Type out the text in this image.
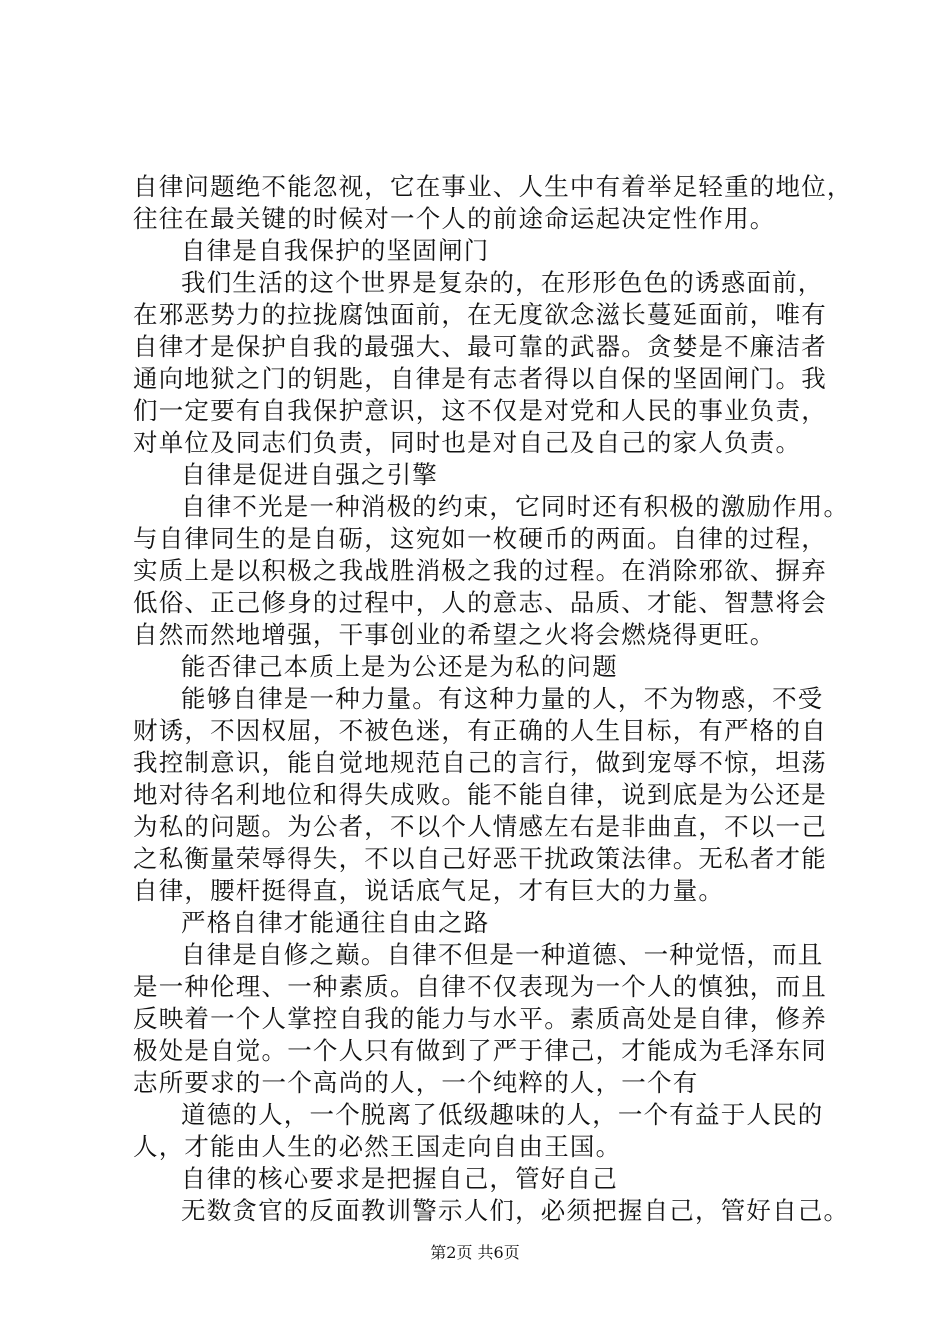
自律问题绝不能忽视，它在事业、人生中有着举足轻重的地位，
往往在最关键的时候对一个人的前途命运起决定性作用。
自律是自我保护的坚固闸门
我们生活的这个世界是复杂的，在形形色色的诱惑面前，
在邪恶势力的拉拢腐蚀面前，在无度欲念滋长蔓延面前，唯有
自律才是保护自我的最强大、最可靠的武器。贪婪是不廉洁者
通向地狱之门的钥匙，自律是有志者得以自保的坚固闸门。我
们一定要有自我保护意识，这不仅是对党和人民的事业负责，
对单位及同志们负责，同时也是对自己及自己的家人负责。
自律是促进自强之引擎
自律不光是一种消极的约束，它同时还有积极的激励作用。
与自律同生的是自砺，这宛如一枚硬币的两面。自律的过程，
实质上是以积极之我战胜消极之我的过程。在消除邪欲、摒弃
低俗、正己修身的过程中，人的意志、品质、才能、智慧将会
自然而然地增强，干事创业的希望之火将会燃烧得更旺。
能否律己本质上是为公还是为私的问题
能够自律是一种力量。有这种力量的人，不为物惑，不受
财诱，不因权屈，不被色迷，有正确的人生目标，有严格的自
我控制意识，能自觉地规范自己的言行，做到宠辱不惊，坦荡
地对待名利地位和得失成败。能不能自律，说到底是为公还是
为私的问题。为公者，不以个人情感左右是非曲直，不以一己
之私衡量荣辱得失，不以自己好恶干扰政策法律。无私者才能
自律，腰杆挺得直，说话底气足，才有巨大的力量。
严格自律才能通往自由之路
自律是自修之巅。自律不但是一种道德、一种觉悟，而且
是一种伦理、一种素质。自律不仅表现为一个人的慎独，而且
反映着一个人掌控自我的能力与水平。素质高处是自律，修养
极处是自觉。一个人只有做到了严于律己，才能成为毛泽东同
志所要求的一个高尚的人，一个纯粹的人，一个有
道德的人，一个脱离了低级趣味的人，一个有益于人民的
人，才能由人生的必然王国走向自由王国。
自律的核心要求是把握自己，管好自己
无数贪官的反面教训警示人们，必须把握自己，管好自己。
第2页 共6页
